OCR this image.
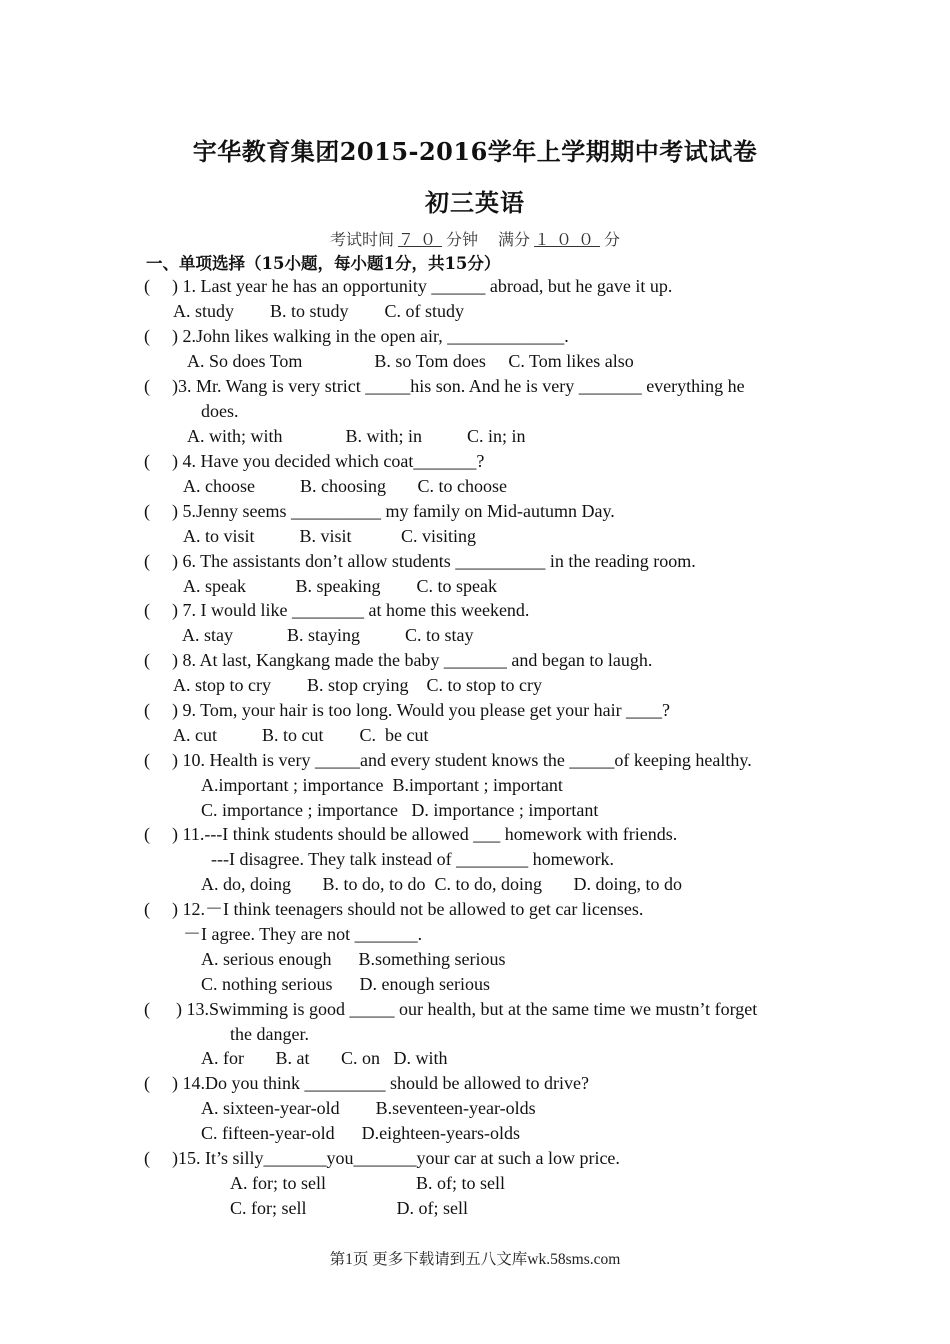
宇华教育集团2015-2016学年上学期期中考试试卷
初三英语
考试时间 ７０ 分钟 满分 １００ 分
一、单项选择（15小题，每小题1分，共15分）
( ) 1. Last year he has an opportunity ______ abroad, but he gave it up.
A. study        B. to study        C. of study
( ) 2.John likes walking in the open air, _____________.
A. So does Tom                B. so Tom does     C. Tom likes also
( )3. Mr. Wang is very strict _____his son. And he is very _______ everything he
does.
A. with; with              B. with; in          C. in; in
( ) 4. Have you decided which coat_______?
A. choose          B. choosing       C. to choose
( ) 5.Jenny seems __________ my family on Mid-autumn Day.
A. to visit          B. visit           C. visiting
( ) 6. The assistants don’t allow students __________ in the reading room.
A. speak           B. speaking        C. to speak
( ) 7. I would like ________ at home this weekend.
A. stay            B. staying          C. to stay
( ) 8. At last, Kangkang made the baby _______ and began to laugh.
A. stop to cry        B. stop crying    C. to stop to cry
( ) 9. Tom, your hair is too long. Would you please get your hair ____?
A. cut          B. to cut        C.  be cut
( ) 10. Health is very _____and every student knows the _____of keeping healthy.
A.important ; importance  B.important ; important
C. importance ; importance   D. importance ; important
( ) 11.---I think students should be allowed ___ homework with friends.
---I disagree. They talk instead of ________ homework.
A. do, doing       B. to do, to do  C. to do, doing       D. doing, to do
( ) 12.－I think teenagers should not be allowed to get car licenses.
－I agree. They are not _______.
A. serious enough      B.something serious
C. nothing serious      D. enough serious
( ) 13.Swimming is good _____ our health, but at the same time we mustn’t forget
the danger.
A. for       B. at       C. on   D. with
( ) 14.Do you think _________ should be allowed to drive?
A. sixteen-year-old        B.seventeen-year-olds
C. fifteen-year-old      D.eighteen-years-olds
( )15. It’s silly_______you_______your car at such a low price.
A. for; to sell                    B. of; to sell
C. for; sell                    D. of; sell
第1页 更多下载请到五八文库wk.58sms.com
